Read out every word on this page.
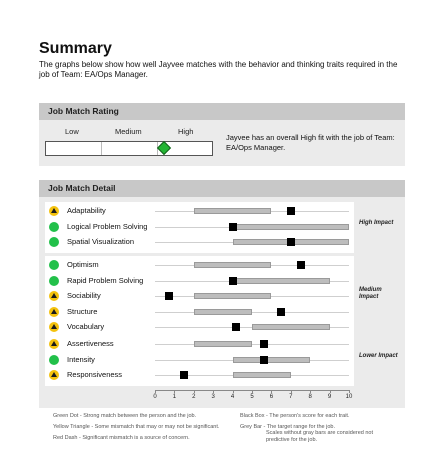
Summary
The graphs below show how well Jayvee matches with the behavior and thinking traits required in the
job of Team: EA/Ops Manager.
Job Match Rating
Low	Medium	High
Jayvee has an overall High fit with the job of Team: EA/Ops Manager.
Job Match Detail
Adaptability
Logical Problem Solving
Spatial Visualization
High Impact
Optimism
Rapid Problem Solving
Sociability
Structure
Vocabulary
Medium Impact
Assertiveness
Intensity
Responsiveness
Lower Impact
0	1	2	3	4	5	6	7	8	9	10
Green Dot - Strong match between the person and the job.
Yellow Triangle - Some mismatch that may or may not be significant.
Red Dash - Significant mismatch is a source of concern.
Black Box - The person's score for each trait.
Grey Bar - The target range for the job.
Scales without gray bars are considered not predictive for the job.
